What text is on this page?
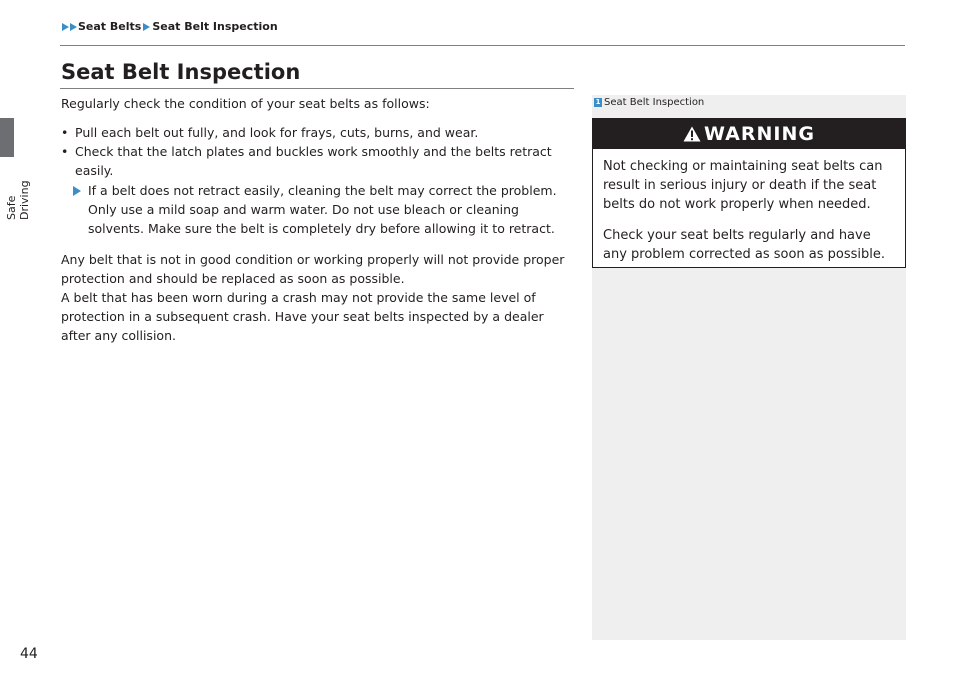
Seat Belts Seat Belt Inspection
Safe Driving
Seat Belt Inspection

Regularly check the condition of your seat belts as follows:

• Pull each belt out fully, and look for frays, cuts, burns, and wear.
• Check that the latch plates and buckles work smoothly and the belts retract easily.
If a belt does not retract easily, cleaning the belt may correct the problem. Only use a mild soap and warm water. Do not use bleach or cleaning solvents. Make sure the belt is completely dry before allowing it to retract.

Any belt that is not in good condition or working properly will not provide proper protection and should be replaced as soon as possible.

A belt that has been worn during a crash may not provide the same level of protection in a subsequent crash. Have your seat belts inspected by a dealer after any collision.

1 Seat Belt Inspection
WARNING

Not checking or maintaining seat belts can result in serious injury or death if the seat belts do not work properly when needed.

Check your seat belts regularly and have any problem corrected as soon as possible.

44
